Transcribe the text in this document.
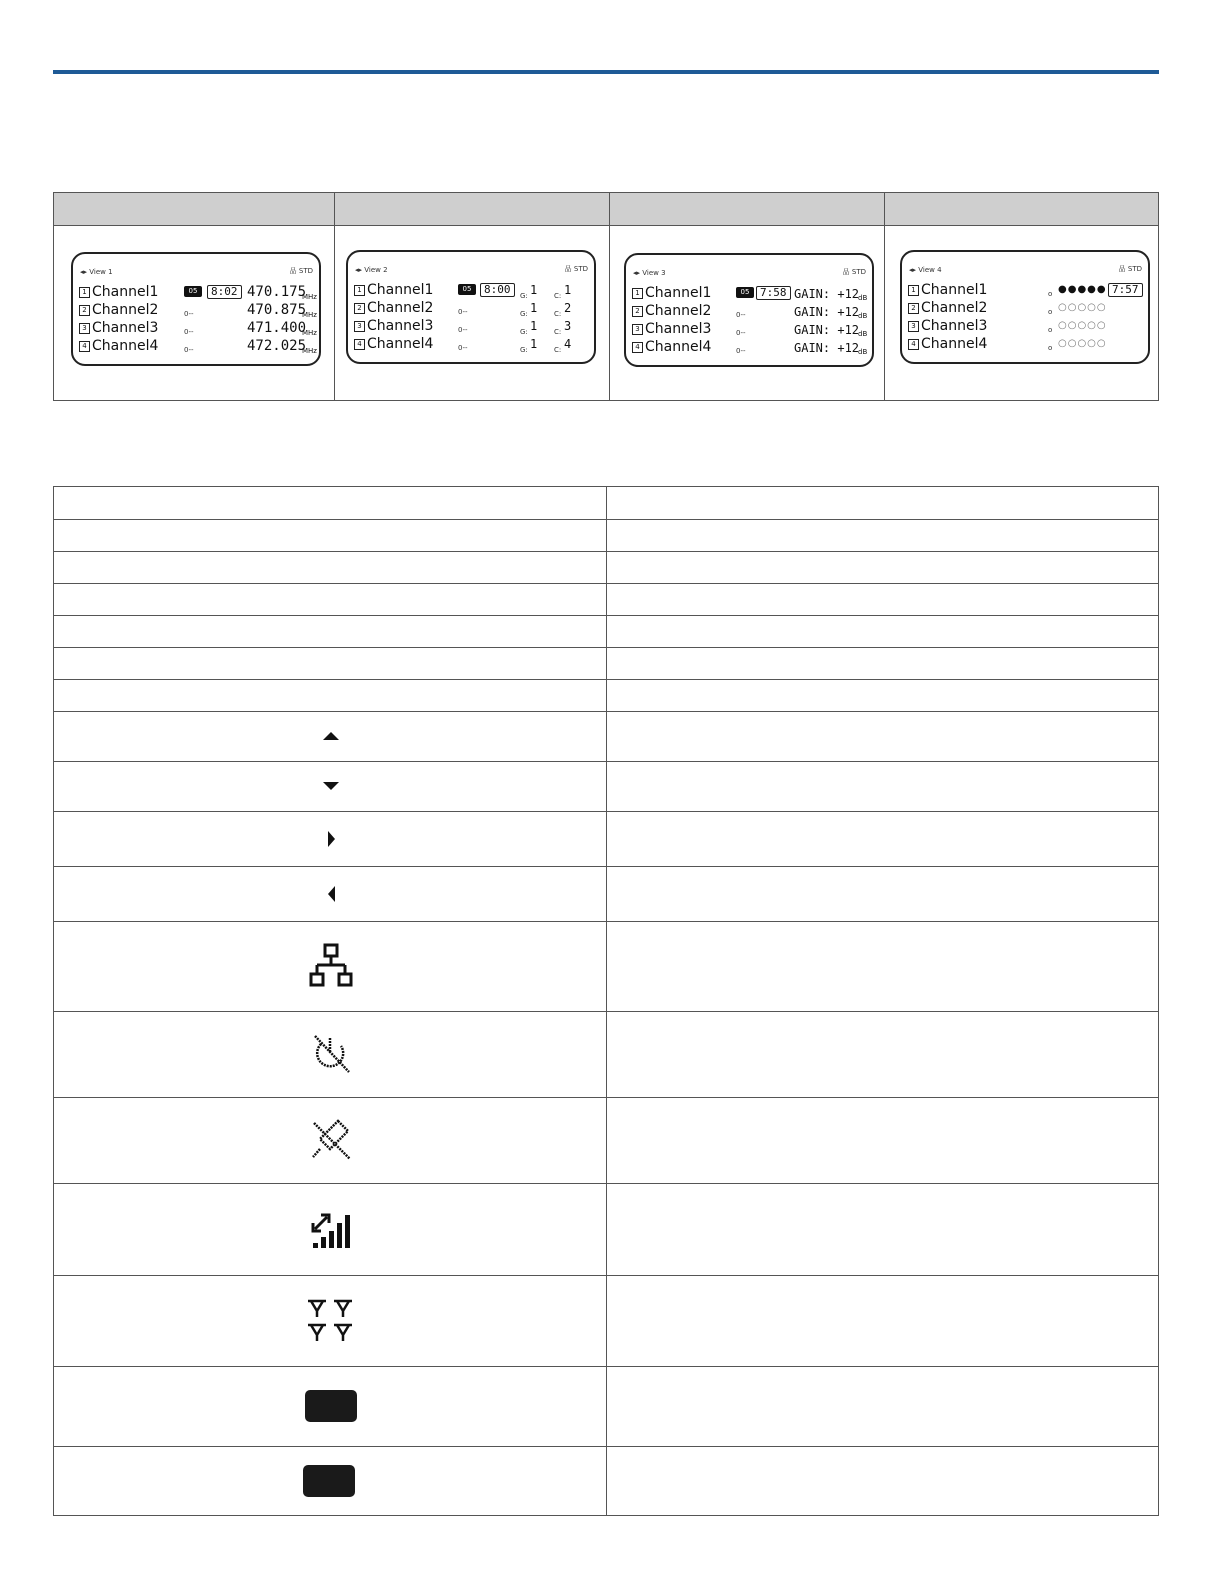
◂▸ View 1	品 STD
1 Channel1	05	8:02 470.175
MHz
2 Channel2	0--	470.875
MHz
3 Channel3	0--	471.400
MHz
4 Channel4	0--	472.025
MHz
◂▸ View 2	品 STD
1 Channel1	05	8:00	G: 1 C: 1
2 Channel2	0--	G: 1 C: 2
3 Channel3	0--	G: 1 C: 3
4 Channel4	0--	G: 1 C: 4
◂▸ View 3	品 STD
1 Channel1	05 7:58 GAIN: +12
dB
2 Channel2	0--	GAIN: +12
dB
3 Channel3	0--	GAIN: +12
dB
4 Channel4	0--	GAIN: +12
dB
◂▸ View 4	品 STD
1 Channel1	o ●●●●● 7:57
2 Channel2	o ○○○○○
3 Channel3	o ○○○○○
4 Channel4	o ○○○○○
